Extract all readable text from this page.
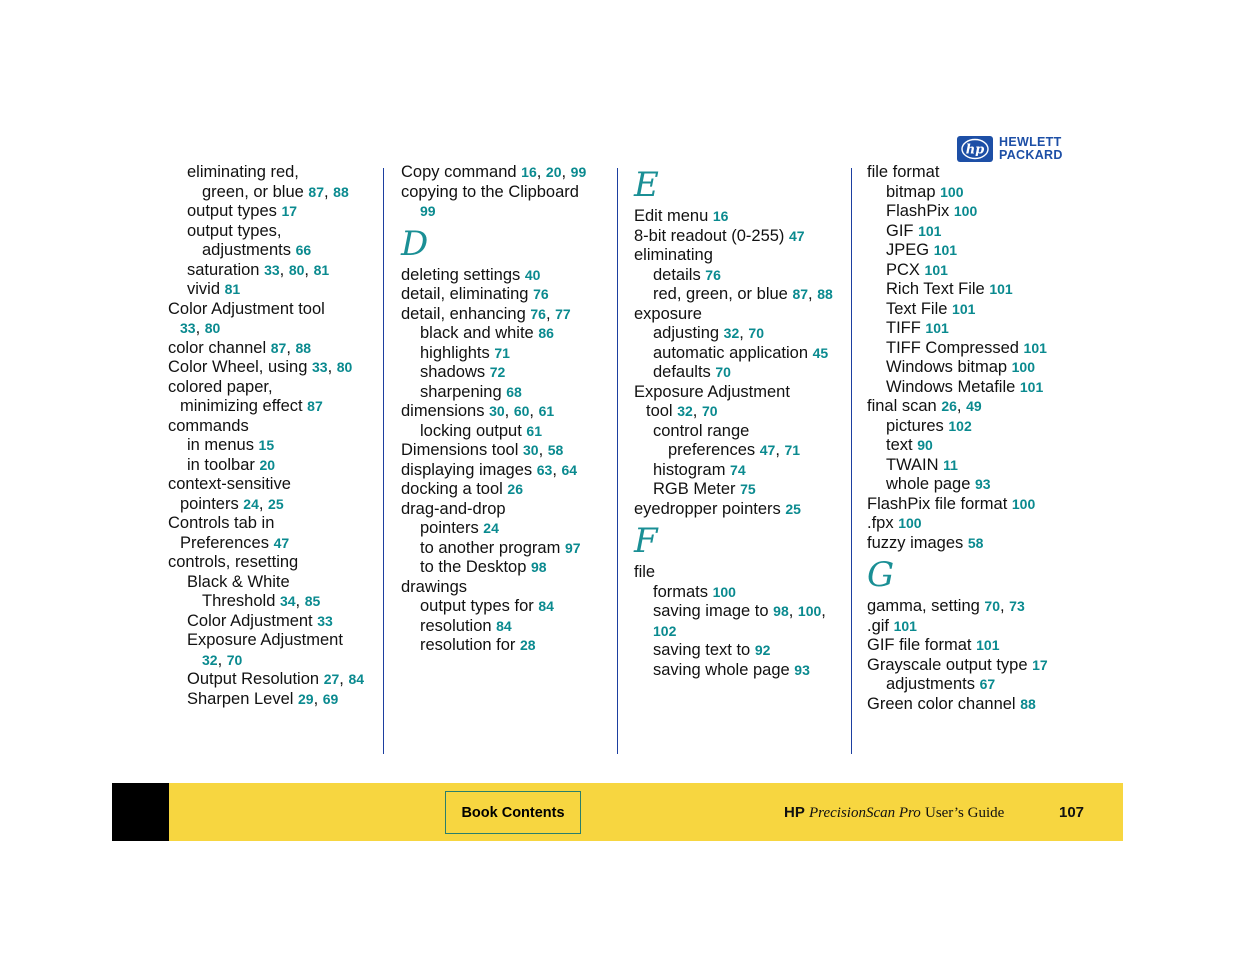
hp
HEWLETT
PACKARD
eliminating red,
green, or blue 87, 88
output types 17
output types,
adjustments 66
saturation 33, 80, 81
vivid 81
Color Adjustment tool
33, 80
color channel 87, 88
Color Wheel, using 33, 80
colored paper,
minimizing effect 87
commands
in menus 15
in toolbar 20
context-sensitive
pointers 24, 25
Controls tab in
Preferences 47
controls, resetting
Black & White
Threshold 34, 85
Color Adjustment 33
Exposure Adjustment
32, 70
Output Resolution 27, 84
Sharpen Level 29, 69
Copy command 16, 20, 99
copying to the Clipboard
99
D
deleting settings 40
detail, eliminating 76
detail, enhancing 76, 77
black and white 86
highlights 71
shadows 72
sharpening 68
dimensions 30, 60, 61
locking output 61
Dimensions tool 30, 58
displaying images 63, 64
docking a tool 26
drag-and-drop
pointers 24
to another program 97
to the Desktop 98
drawings
output types for 84
resolution 84
resolution for 28
E
Edit menu 16
8-bit readout (0-255) 47
eliminating
details 76
red, green, or blue 87, 88
exposure
adjusting 32, 70
automatic application 45
defaults 70
Exposure Adjustment
tool 32, 70
control range
preferences 47, 71
histogram 74
RGB Meter 75
eyedropper pointers 25
F
file
formats 100
saving image to 98, 100, 102
saving text to 92
saving whole page 93
file format
bitmap 100
FlashPix 100
GIF 101
JPEG 101
PCX 101
Rich Text File 101
Text File 101
TIFF 101
TIFF Compressed 101
Windows bitmap 100
Windows Metafile 101
final scan 26, 49
pictures 102
text 90
TWAIN 11
whole page 93
FlashPix file format 100
.fpx 100
fuzzy images 58
G
gamma, setting 70, 73
.gif 101
GIF file format 101
Grayscale output type 17
adjustments 67
Green color channel 88
Book Contents	HP PrecisionScan Pro User’s Guide	107
